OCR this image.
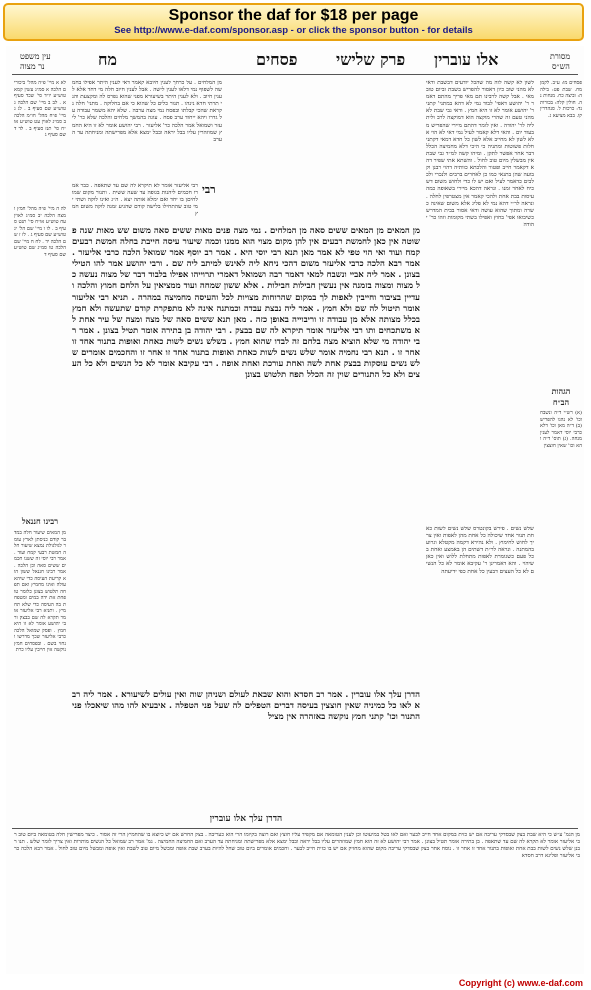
Sponsor the daf for $18 per page
See http://www.e-daf.com/sponsor.asp - or click the sponsor button - for details
עין משפט
נר מצוה	מח	פסחים פרק שלישי אלו עוברין	מסורת
הש״ס
לא א מיי' פ״ה מהל' ביכורים הלכה א סמ״ג עשין קמא טוש״ע יו״ד סי' שכד סעיף א . לב ב מיי' שם הלכה ג טוש״ע שם סעיף ב . לג ג מיי' פ״ח מהל' חו״מ הלכה ב סמ״ג לאוין עט טוש״ע או״ח סי' תנז סעיף ב . לד ד שם סעיף ג
לה ה מיי' פ״ה מהל' חמץ ומצה הלכה יב סמ״ג לאוין עח טוש״ע או״ח סי' תנט סעיף ב . לו ו מיי' שם הל' יג טוש״ע שם סעיף ג . לז ז שם הלכה יד . לח ח מיי' שם הלכה טו סמ״ג שם טוש״ע שם סעיף ד
רבינו חננאל
מן המאים שיעור חלה במדבר קודם כניסתן לארץ עומר לגולגולת נמצא שיעור חלה חמשת רבעי קמח ועוד . אמר רבי יוסי זה ששנו חכמים ששים סאה וכן הלכה . אמר רבינו חננאל ששון הוא קריעת העיסה כדי שיהא עולה ואינו מחמיץ ואם תפחה תלטוש בצונן כלומר טופחת את ידה במים ומטפחת בה העיסה כדי שלא תחמיץ . ותניא רבי אליעזר אומר תקרא לה שם בבצק ורבי יהושע אומר לא זו היא חמץ . ופסק שמואל הלכה כרבי אליעזר שכך מדרשו ונחזי בשם . ובפסחים חמץ נוקשה אין חייבין עליו כרת
מן המלחים . על כרחך לענין חיובא קאמר דאי לענין היתר אפילו בחמשה לשפוף נמי דלאו לענין לישה . אבל לענין חיוב חלה מי דחד אלא לענין חיוב . ולא לענין היתר בשיעורא מפני שהוא נפרס לה ומקצעת והני תרתי חדא נינהו . תנור כלים כל שהוא כי אם בחלוקה . מתני' חלה נקראת שהכי קבלתו ובפסח נמי מצה ערבה . שלא יהא משמר עבודה על גדרו ויהא ייחוד ערב פסח . עוגה בהמשך מלחים והלכה שלא כר' ליעזר ושמואל אמר הלכה כר' אליעזר . רבי יהושע אומר לא זו היא החמץ שמוזהרין עליו בבל יראה ובבל ימצא אלא מפרישתה ומניחתה עד הערב
רבי
רבי אליעזר אומר לא תיקרא לה שם עד שתאפה . כבר אמרו חכמים ליהנות בגופה עד שעה ששית . ותנור מקום שמולחיםן בו יחד ואם ימלא אותה יצא . ה״ג ואינו לוקה ושתי ימי טוב שהתחילו בלישה קודם שהגיע זמנה לוקה משום חמץ
מן המאים מן המאים ששים סאה מן המלחים . נמי מצה פנים מאות ששים סאה משום שש מאות שנה פשוטה אין כאן לחמשת רבעים אין להן מקום מצוי הוא ממנו וכמה שיעור עיסה חייבת בחלה חמשת רבעים קמח ועוד ואי הוי טפי לא אמר מאן תנא רבי יוסי היא . אמר רב יוסף אמר שמואל הלכה כרבי אליעזר . אמר רבא הלכה כרבי אליעזר משום דהכי ניחא ליה לאינש למיתב ליה שם . ורבי יהושע אמר להו הטילי בצונן . אמר ליה אביי ונשבח למאי דאמר רבה ושמואל דאמרי תרוייהו אפילו בלבוד דבר של מצוה נעשה כל מצוה ומצוה בזמנה אין נעשין חבילות חבילות . אלא ששון שמחה ועוד ממציאין על הלחם חמוץ והלכה ועדיין בציבור וחייבין לאפות לך במקום שהרוחות מצויות לכל והעיסה מחמיצה במהרה . תניא רבי אליעזר אומר תיטול לה שם ולא חמץ . אמר ליה נבצת עבדה וכמתנה אינה לא מתפקרת קודם שתעשה ולא חמץ בכלל מצותה אלא מן עבודה זו וריבוייה באופן כזה . מאן תנא ששים סאה של מצה ומצה של עיר אחת לא משתכחים ותו רבי אליעזר אומר תיקרא לה שם בבצק . רבי יהודה בן בתירה אומר תטיל בצונן . אמר רבי יהודה מי שלא הוציא מצה בלחם זה לבדו שהוא חמץ . בשלש נשים לשות כאחת ואופות בתנור אחד זו אחר זו . תנא רבי נחמיה אומר שלש נשים לשות כאחת ואופות בתנור אחד זו אחר זו והחכמים אומרים שלש נשים עוסקות בבצק אחת לשה ואחת עורכת ואחת אופה . רבי עקיבא אומר לא כל הנשים ולא כל העצים ולא כל התנורים שוין זה הכלל תפח תלטוש בצונן
הדרן עלך אלו עוברין . אמר רב חסדא והוא שבאת לעולם ושניהן שוה ואין עולים לשיעורא . אמר ליה רבא לאו כל כמיניה שאין חוצצין בעיסה דברים הטפלים לה שעל פני הטפלה . איבעיא להו מהו שיאכלו פני התנור וכו' קתני חמץ נוקשה באזהרה אין מציל
לשון לא קשה לוה מה שהכל יודעים דבשבת ודאי לא מהני שוב כיון דאסור להפריש בשבת וביום טוב מאי . אבל קשה לרבינו תם מאי פריך מהתם דאמר ר' יהושע דאפי' לבוד נמי לא דהא במתני' קתני ר' יהושע אומר לא זו היא חמץ . ודאי גבי שבת לא מהני טעם זה שהרי מוקצה הוא דמוקצה לרב ולית ליה לר' יהודה . ואין לומר דהתם מיירי שהפריש מבעוד יום . והאי דלא קאמר לעיל נמי דאי לא הוי אלא לשון לא מחייב אלא לשון כל חדא דמאי דקתני חלות פשוטות ומתניה כי היכי דלא מחמיצה הכלל דבר אחר אפשר לתקן . ומיהו קשה למ״ד גבי שבת אין מבשלין מיום טוב לחול . והשתא אתי שפיר דהא דקאמר חייב ופטור והלכתא כוותיה דהוי רבנן וקבועה שהן בתנאי כמו כן לאחרים ברבים ולנכרי ולכלבים כדאמר לעיל ואם יש לו כדי ולחוש משום דשכיח לאחר זמנו . ונראה דהכא מיירי בשאופה כמה עיסות בבת אחת ולהכי קאמר אין מצטרפין לחלה . ונראה לר״י דהא נמי לא פליג אלא משום שאינה כשרה ומתוך שהוא עושה ודאי אסור בבית המדרש כשיבואו אפי' בחוץ ואפילו בשתי מקומות וזהו כר' יהודה
שלש נשים . פירש בקונטרס שלש נשים לשות כאחת תנור אחד שיכולה כל אחת מהן לאפות ואין צריך לחוש לחימוץ . ולא נהירא דקמה מקטלא וגרוע בהמתנה . ונראה לר״ת דשתים הן באמצע ואחת בכל פעם כשגומרת לאפות מתחלת ללוש ואין כאן שיהוי . והא דאמרינן ר' עקיבא אומר לא כל הנשים לא כל העצים דבעין כל אחת כפי ידיעתה
פסחים מו: ע״ב. לקמן מח. שבת פט: בילה ה: וביצה כח. מנחות נה. חולין קלה: בכורות נד: כרכות ל. סנהדרין קו. בבא מציעא ג.
הגהות
הב״ח
(א) רש״י ד״ה ונשבח וכו' לא נהגו להפריש (ב) ד״ה מאן וכו' דלא כרבי יוסי דאמר לענין מנחה. (ג) תוס' ד״ה והא וכו' שאין חוצצין
הדרן עלך אלו עוברין
מן הגמ' ע״ש כי היא שבת בצק שבסדקי עריבה אם יש כזית במקום אחד חייב לבער ואם לאו בטל במיעוטו וכן לענין הטומאה אם מקפיד עליו חוצץ ואם רוצה בקיומו הרי הוא כעריבה . בצק החרש אם יש כיוצא בו שהחמיץ הרי זה אסור . כיצד מפרישין חלה בטומאה ביום טוב רבי אליעזר אומר לא תקרא לה שם עד שתאפה . בן בתירה אומר תטיל בצונן . אמר רבי יהושע לא זה הוא חמץ שמוזהרים עליו בבל יראה ובבל ימצא אלא מפרישתה ומניחתה עד הערב ואם החמיצה החמיצה . גמ' אמר רב שמואל כל הנשים מותרות ואין צריך לומר שלש . תנו רבנן שלש נשים לשות בבת אחת ואופות בתנור אחד זו אחר זו . נוסח אחר בצק שבסדקי עריבה מקום שהוא מחזיק אם יש בו כזית חייב לבער . וחכמים אומרים ביום טוב שחל להיות בערב שבת אופה ומבשל מיום טוב לשבת ואין אופה ומבשל מיום טוב לחול . אמר רבא הלכה כרבי אליעזר ופליגא דרב חסדא
Copyright (c) www.e-daf.com
